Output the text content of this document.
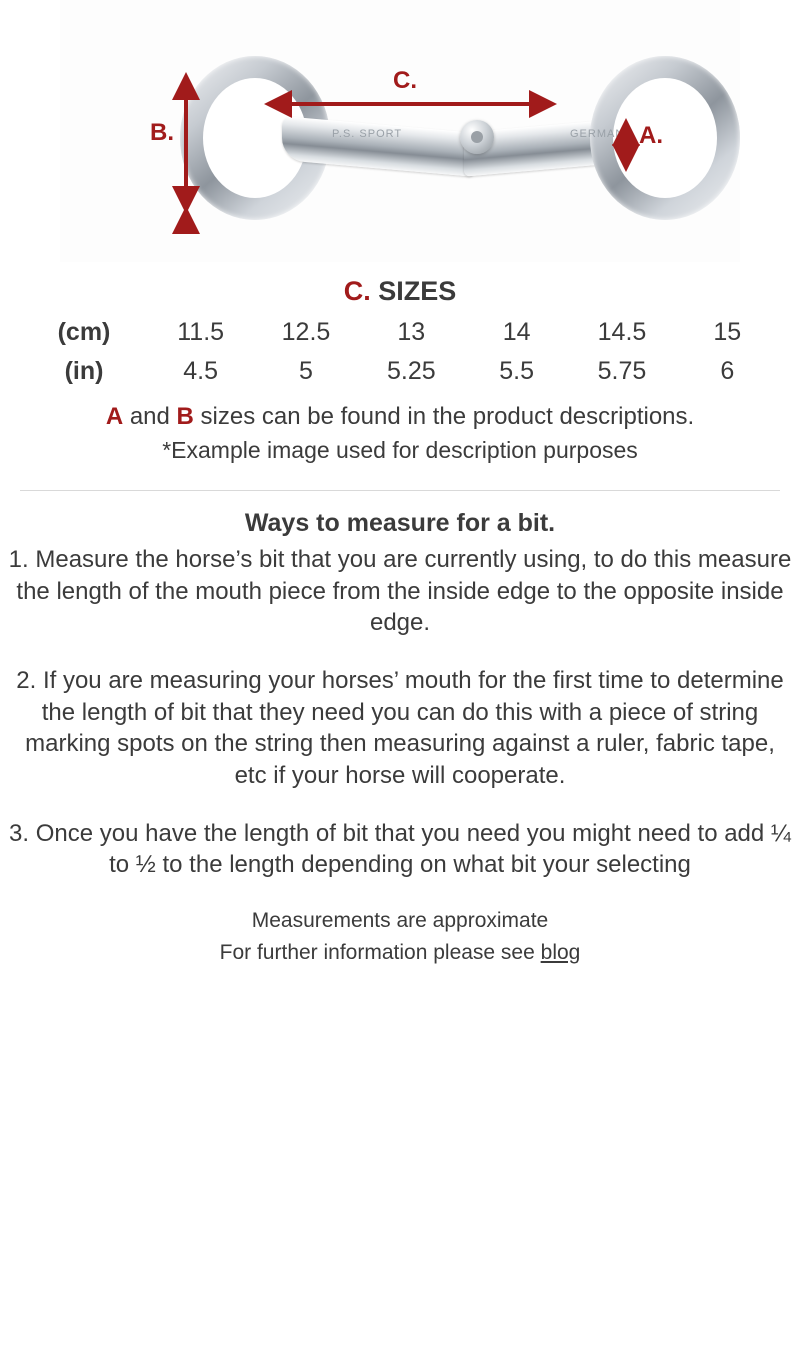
P.S. SPORT	GERMANY
B.
C.
A.
C. SIZES
(cm)	11.5	12.5	13	14	14.5	15
(in)	4.5	5	5.25	5.5	5.75	6
A and B sizes can be found in the product descriptions.
*Example image used for description purposes
Ways to measure for a bit.
1. Measure the horse’s bit that you are currently using, to do this measure the length of the mouth piece from the inside edge to the opposite inside edge.
2. If you are measuring your horses’ mouth for the first time to determine the length of bit that they need you can do this with a piece of string marking spots on the string then measuring against a ruler, fabric tape, etc if your horse will cooperate.
3. Once you have the length of bit that you need you might need to add ¼ to ½ to the length depending on what bit your selecting
Measurements are approximate
For further information please see blog
